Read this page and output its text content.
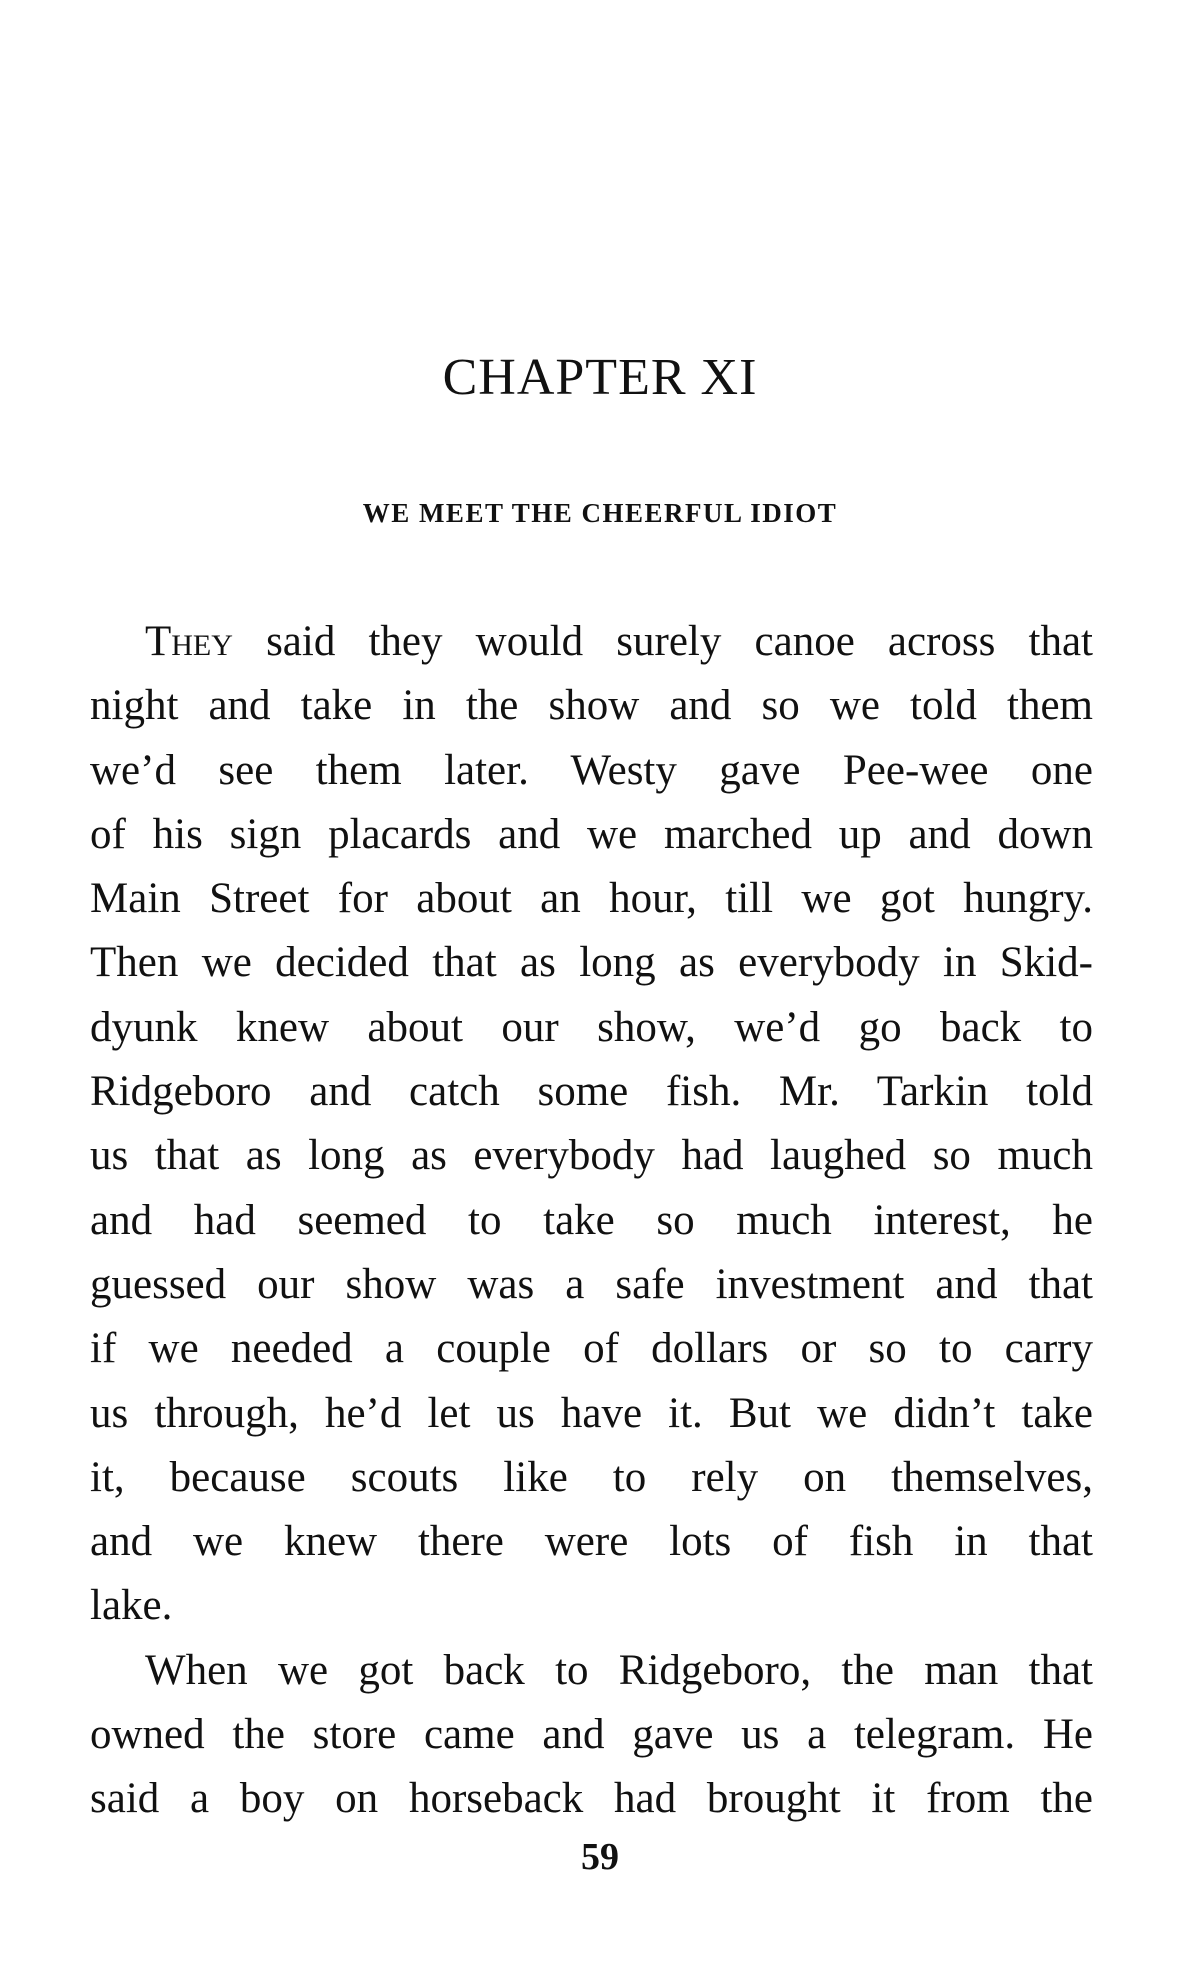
CHAPTER XI
WE MEET THE CHEERFUL IDIOT
They said they would surely canoe across that
night and take in the show and so we told them
we’d see them later. Westy gave Pee-wee one
of his sign placards and we marched up and down
Main Street for about an hour, till we got hungry.
Then we decided that as long as everybody in Skid-
dyunk knew about our show, we’d go back to
Ridgeboro and catch some fish. Mr. Tarkin told
us that as long as everybody had laughed so much
and had seemed to take so much interest, he
guessed our show was a safe investment and that
if we needed a couple of dollars or so to carry
us through, he’d let us have it. But we didn’t take
it, because scouts like to rely on themselves,
and we knew there were lots of fish in that
lake.
When we got back to Ridgeboro, the man that
owned the store came and gave us a telegram. He
said a boy on horseback had brought it from the
59
